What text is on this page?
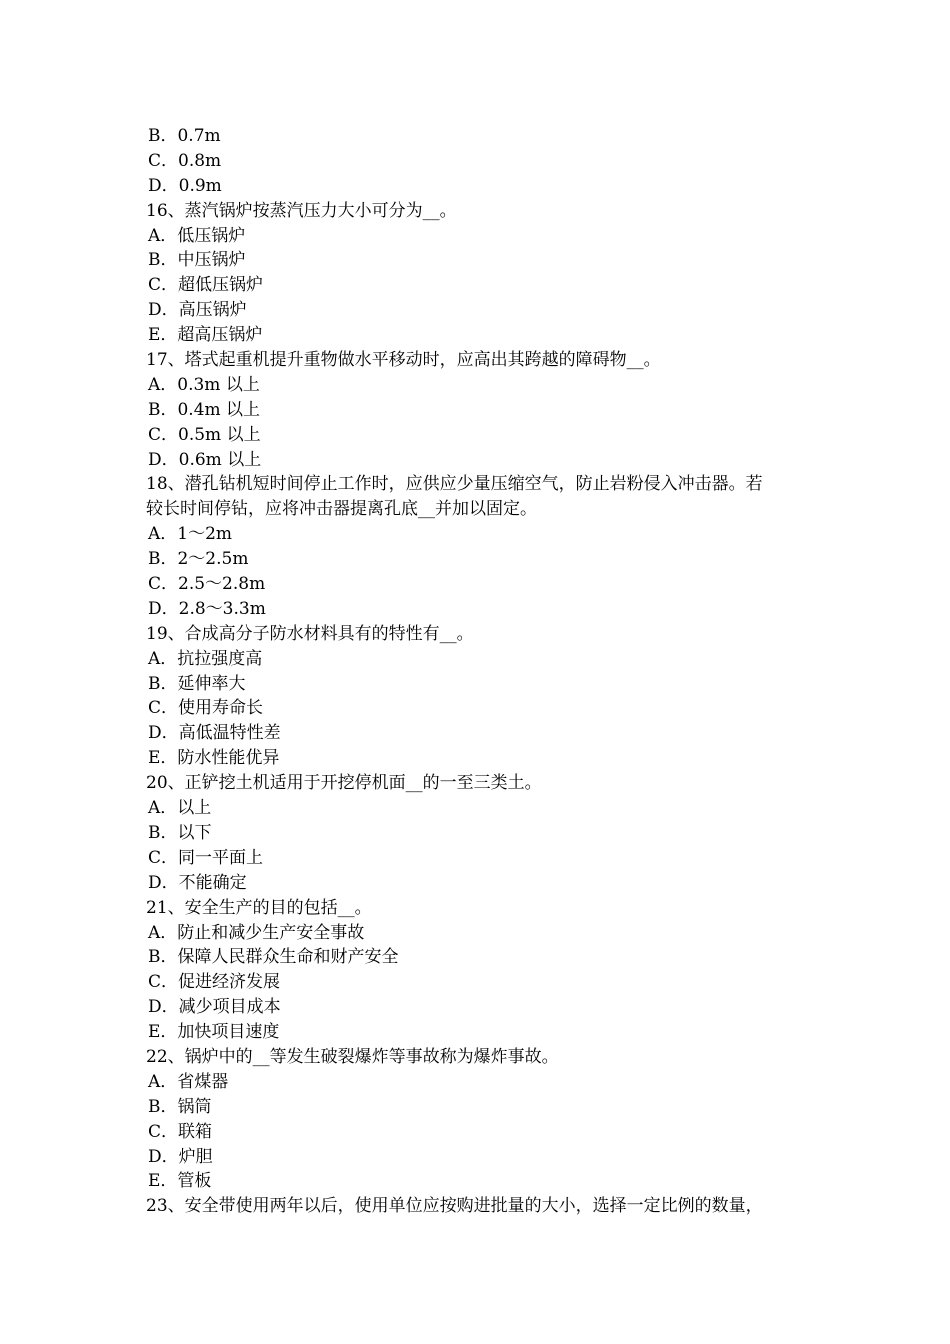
B．0.7m
C．0.8m
D．0.9m
16、蒸汽锅炉按蒸汽压力大小可分为__。
A．低压锅炉
B．中压锅炉
C．超低压锅炉
D．高压锅炉
E．超高压锅炉
17、塔式起重机提升重物做水平移动时，应高出其跨越的障碍物__。
A．0.3m 以上
B．0.4m 以上
C．0.5m 以上
D．0.6m 以上
18、潜孔钻机短时间停止工作时，应供应少量压缩空气，防止岩粉侵入冲击器。若
较长时间停钻，应将冲击器提离孔底__并加以固定。
A．1～2m
B．2～2.5m
C．2.5～2.8m
D．2.8～3.3m
19、合成高分子防水材料具有的特性有__。
A．抗拉强度高
B．延伸率大
C．使用寿命长
D．高低温特性差
E．防水性能优异
20、正铲挖土机适用于开挖停机面__的一至三类土。
A．以上
B．以下
C．同一平面上
D．不能确定
21、安全生产的目的包括__。
A．防止和减少生产安全事故
B．保障人民群众生命和财产安全
C．促进经济发展
D．减少项目成本
E．加快项目速度
22、锅炉中的__等发生破裂爆炸等事故称为爆炸事故。
A．省煤器
B．锅筒
C．联箱
D．炉胆
E．管板
23、安全带使用两年以后，使用单位应按购进批量的大小，选择一定比例的数量，
